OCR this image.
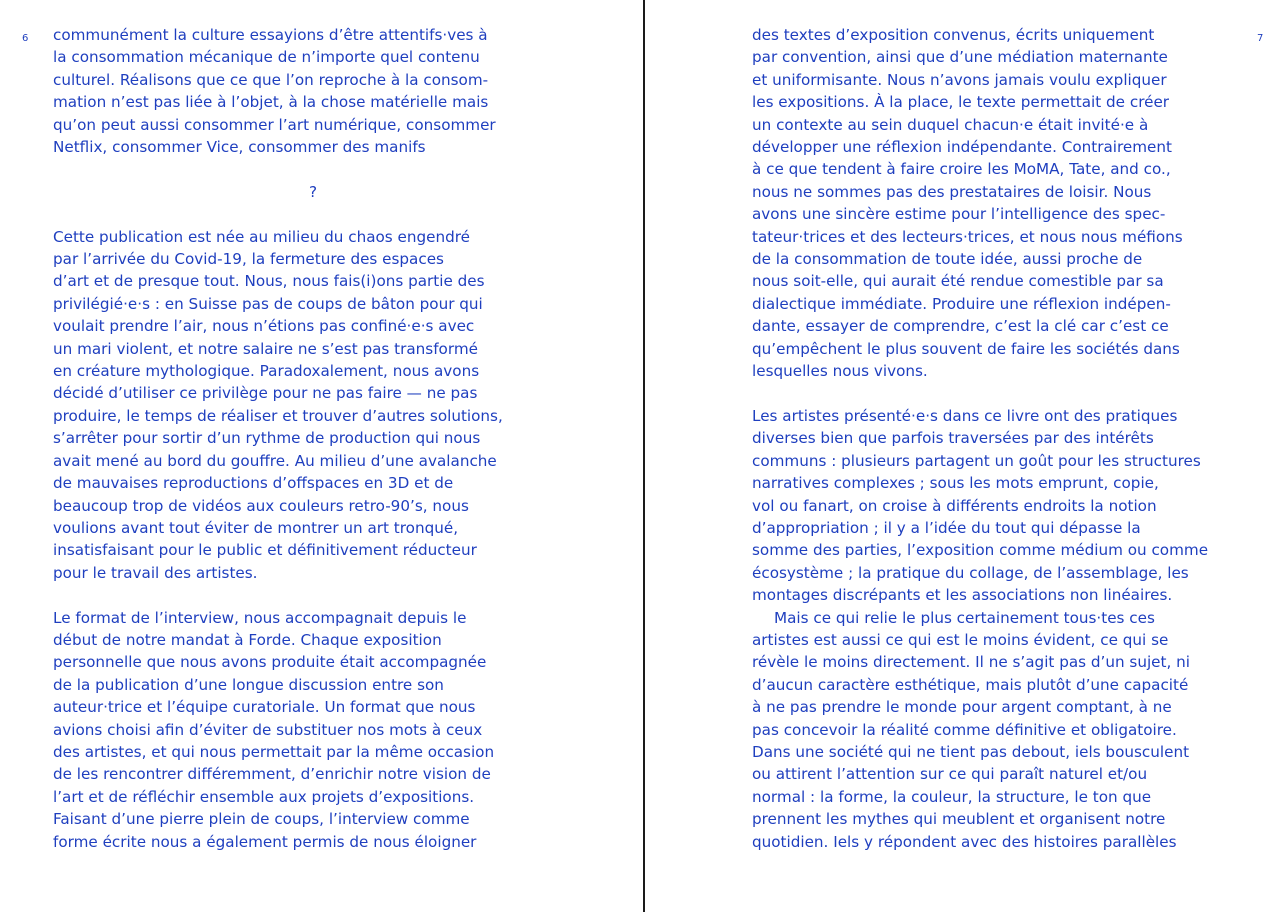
6 communément la culture essayions d’être attentifs·ves à
la consommation mécanique de n’importe quel contenu
culturel. Réalisons que ce que l’on reproche à la consom-
mation n’est pas liée à l’objet, à la chose matérielle mais
qu’on peut aussi consommer l’art numérique, consommer
Netflix, consommer Vice, consommer des manifs
?
Cette publication est née au milieu du chaos engendré
par l’arrivée du Covid-19, la fermeture des espaces
d’art et de presque tout. Nous, nous fais(i)ons partie des
privilégié·e·s : en Suisse pas de coups de bâton pour qui
voulait prendre l’air, nous n’étions pas confiné·e·s avec
un mari violent, et notre salaire ne s’est pas transformé
en créature mythologique. Paradoxalement, nous avons
décidé d’utiliser ce privilège pour ne pas faire — ne pas
produire, le temps de réaliser et trouver d’autres solutions,
s’arrêter pour sortir d’un rythme de production qui nous
avait mené au bord du gouffre. Au milieu d’une avalanche
de mauvaises reproductions d’offspaces en 3D et de
beaucoup trop de vidéos aux couleurs retro-90’s, nous
voulions avant tout éviter de montrer un art tronqué,
insatisfaisant pour le public et définitivement réducteur
pour le travail des artistes.
Le format de l’interview, nous accompagnait depuis le
début de notre mandat à Forde. Chaque exposition
personnelle que nous avons produite était accompagnée
de la publication d’une longue discussion entre son
auteur·trice et l’équipe curatoriale. Un format que nous
avions choisi afin d’éviter de substituer nos mots à ceux
des artistes, et qui nous permettait par la même occasion
de les rencontrer différemment, d’enrichir notre vision de
l’art et de réfléchir ensemble aux projets d’expositions.
Faisant d’une pierre plein de coups, l’interview comme
forme écrite nous a également permis de nous éloigner
7
des textes d’exposition convenus, écrits uniquement
par convention, ainsi que d’une médiation maternante
et uniformisante. Nous n’avons jamais voulu expliquer
les expositions. À la place, le texte permettait de créer
un contexte au sein duquel chacun·e était invité·e à
développer une réflexion indépendante. Contrairement
à ce que tendent à faire croire les MoMA, Tate, and co.,
nous ne sommes pas des prestataires de loisir. Nous
avons une sincère estime pour l’intelligence des spec-
tateur·trices et des lecteurs·trices, et nous nous méfions
de la consommation de toute idée, aussi proche de
nous soit-elle, qui aurait été rendue comestible par sa
dialectique immédiate. Produire une réflexion indépen-
dante, essayer de comprendre, c’est la clé car c’est ce
qu’empêchent le plus souvent de faire les sociétés dans
lesquelles nous vivons.
Les artistes présenté·e·s dans ce livre ont des pratiques
diverses bien que parfois traversées par des intérêts
communs : plusieurs partagent un goût pour les structures
narratives complexes ; sous les mots emprunt, copie,
vol ou fanart, on croise à différents endroits la notion
d’appropriation ; il y a l’idée du tout qui dépasse la
somme des parties, l’exposition comme médium ou comme
écosystème ; la pratique du collage, de l’assemblage, les
montages discrépants et les associations non linéaires.
Mais ce qui relie le plus certainement tous·tes ces
artistes est aussi ce qui est le moins évident, ce qui se
révèle le moins directement. Il ne s’agit pas d’un sujet, ni
d’aucun caractère esthétique, mais plutôt d’une capacité
à ne pas prendre le monde pour argent comptant, à ne
pas concevoir la réalité comme définitive et obligatoire.
Dans une société qui ne tient pas debout, iels bousculent
ou attirent l’attention sur ce qui paraît naturel et/ou
normal : la forme, la couleur, la structure, le ton que
prennent les mythes qui meublent et organisent notre
quotidien. Iels y répondent avec des histoires parallèles
